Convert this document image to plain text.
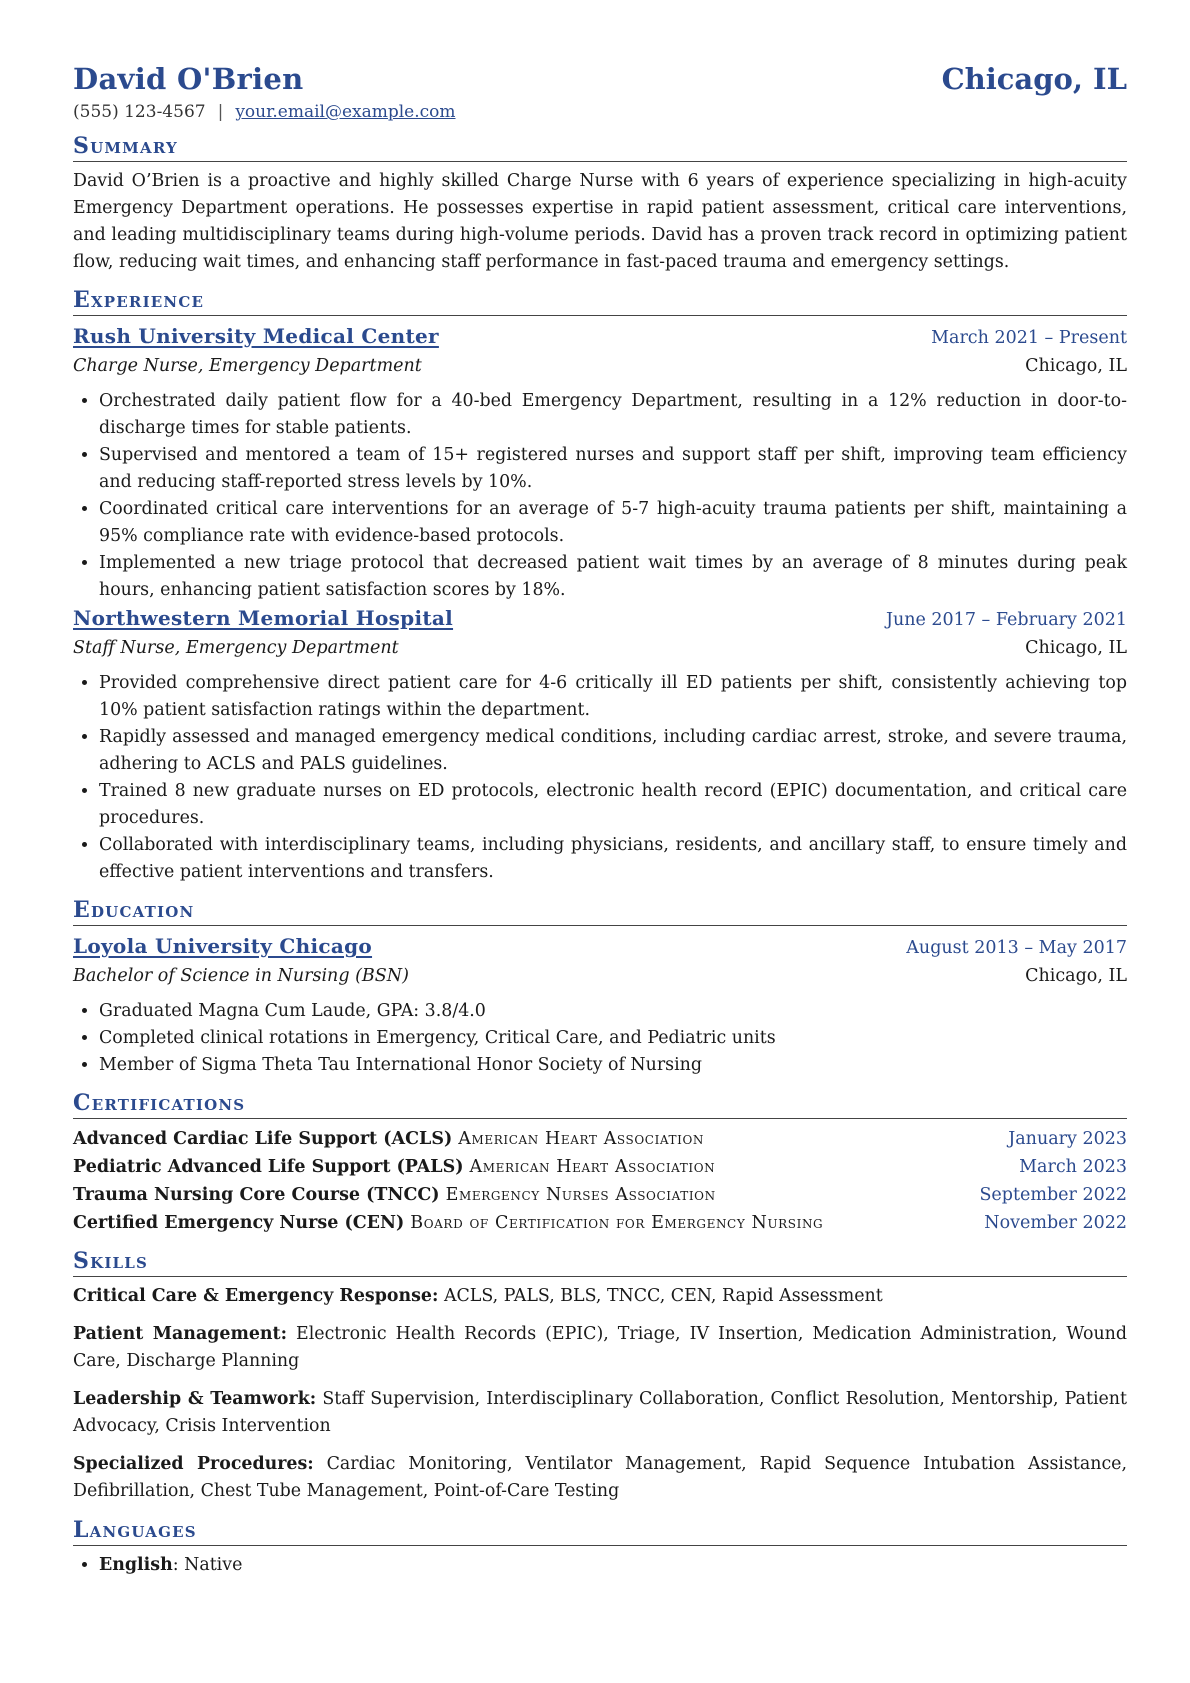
David O'Brien	Chicago, IL
(555) 123-4567 | your.email@example.com
Summary
David O’Brien is a proactive and highly skilled Charge Nurse with 6 years of experience specializing in high-acuity Emergency Department operations. He possesses expertise in rapid patient assessment, critical care interventions, and leading multidisciplinary teams during high-volume periods. David has a proven track record in optimizing patient flow, reducing wait times, and enhancing staff performance in fast-paced trauma and emergency settings.
Experience
Rush University Medical Center	March 2021 – Present
Charge Nurse, Emergency Department	Chicago, IL
• Orchestrated daily patient flow for a 40-bed Emergency Department, resulting in a 12% reduction in door-to-discharge times for stable patients.
• Supervised and mentored a team of 15+ registered nurses and support staff per shift, improving team efficiency and reducing staff-reported stress levels by 10%.
• Coordinated critical care interventions for an average of 5-7 high-acuity trauma patients per shift, maintaining a 95% compliance rate with evidence-based protocols.
• Implemented a new triage protocol that decreased patient wait times by an average of 8 minutes during peak hours, enhancing patient satisfaction scores by 18%.
Northwestern Memorial Hospital	June 2017 – February 2021
Staff Nurse, Emergency Department	Chicago, IL
• Provided comprehensive direct patient care for 4-6 critically ill ED patients per shift, consistently achieving top 10% patient satisfaction ratings within the department.
• Rapidly assessed and managed emergency medical conditions, including cardiac arrest, stroke, and severe trauma, adhering to ACLS and PALS guidelines.
• Trained 8 new graduate nurses on ED protocols, electronic health record (EPIC) documentation, and critical care procedures.
• Collaborated with interdisciplinary teams, including physicians, residents, and ancillary staff, to ensure timely and effective patient interventions and transfers.
Education
Loyola University Chicago	August 2013 – May 2017
Bachelor of Science in Nursing (BSN)	Chicago, IL
• Graduated Magna Cum Laude, GPA: 3.8/4.0
• Completed clinical rotations in Emergency, Critical Care, and Pediatric units
• Member of Sigma Theta Tau International Honor Society of Nursing
Certifications
Advanced Cardiac Life Support (ACLS) American Heart Association	January 2023
Pediatric Advanced Life Support (PALS) American Heart Association	March 2023
Trauma Nursing Core Course (TNCC) Emergency Nurses Association	September 2022
Certified Emergency Nurse (CEN) Board of Certification for Emergency Nursing	November 2022
Skills
Critical Care & Emergency Response: ACLS, PALS, BLS, TNCC, CEN, Rapid Assessment
Patient Management: Electronic Health Records (EPIC), Triage, IV Insertion, Medication Administration, Wound Care, Discharge Planning
Leadership & Teamwork: Staff Supervision, Interdisciplinary Collaboration, Conflict Resolution, Mentorship, Patient Advocacy, Crisis Intervention
Specialized Procedures: Cardiac Monitoring, Ventilator Management, Rapid Sequence Intubation Assistance, Defibrillation, Chest Tube Management, Point-of-Care Testing
Languages
• English: Native
